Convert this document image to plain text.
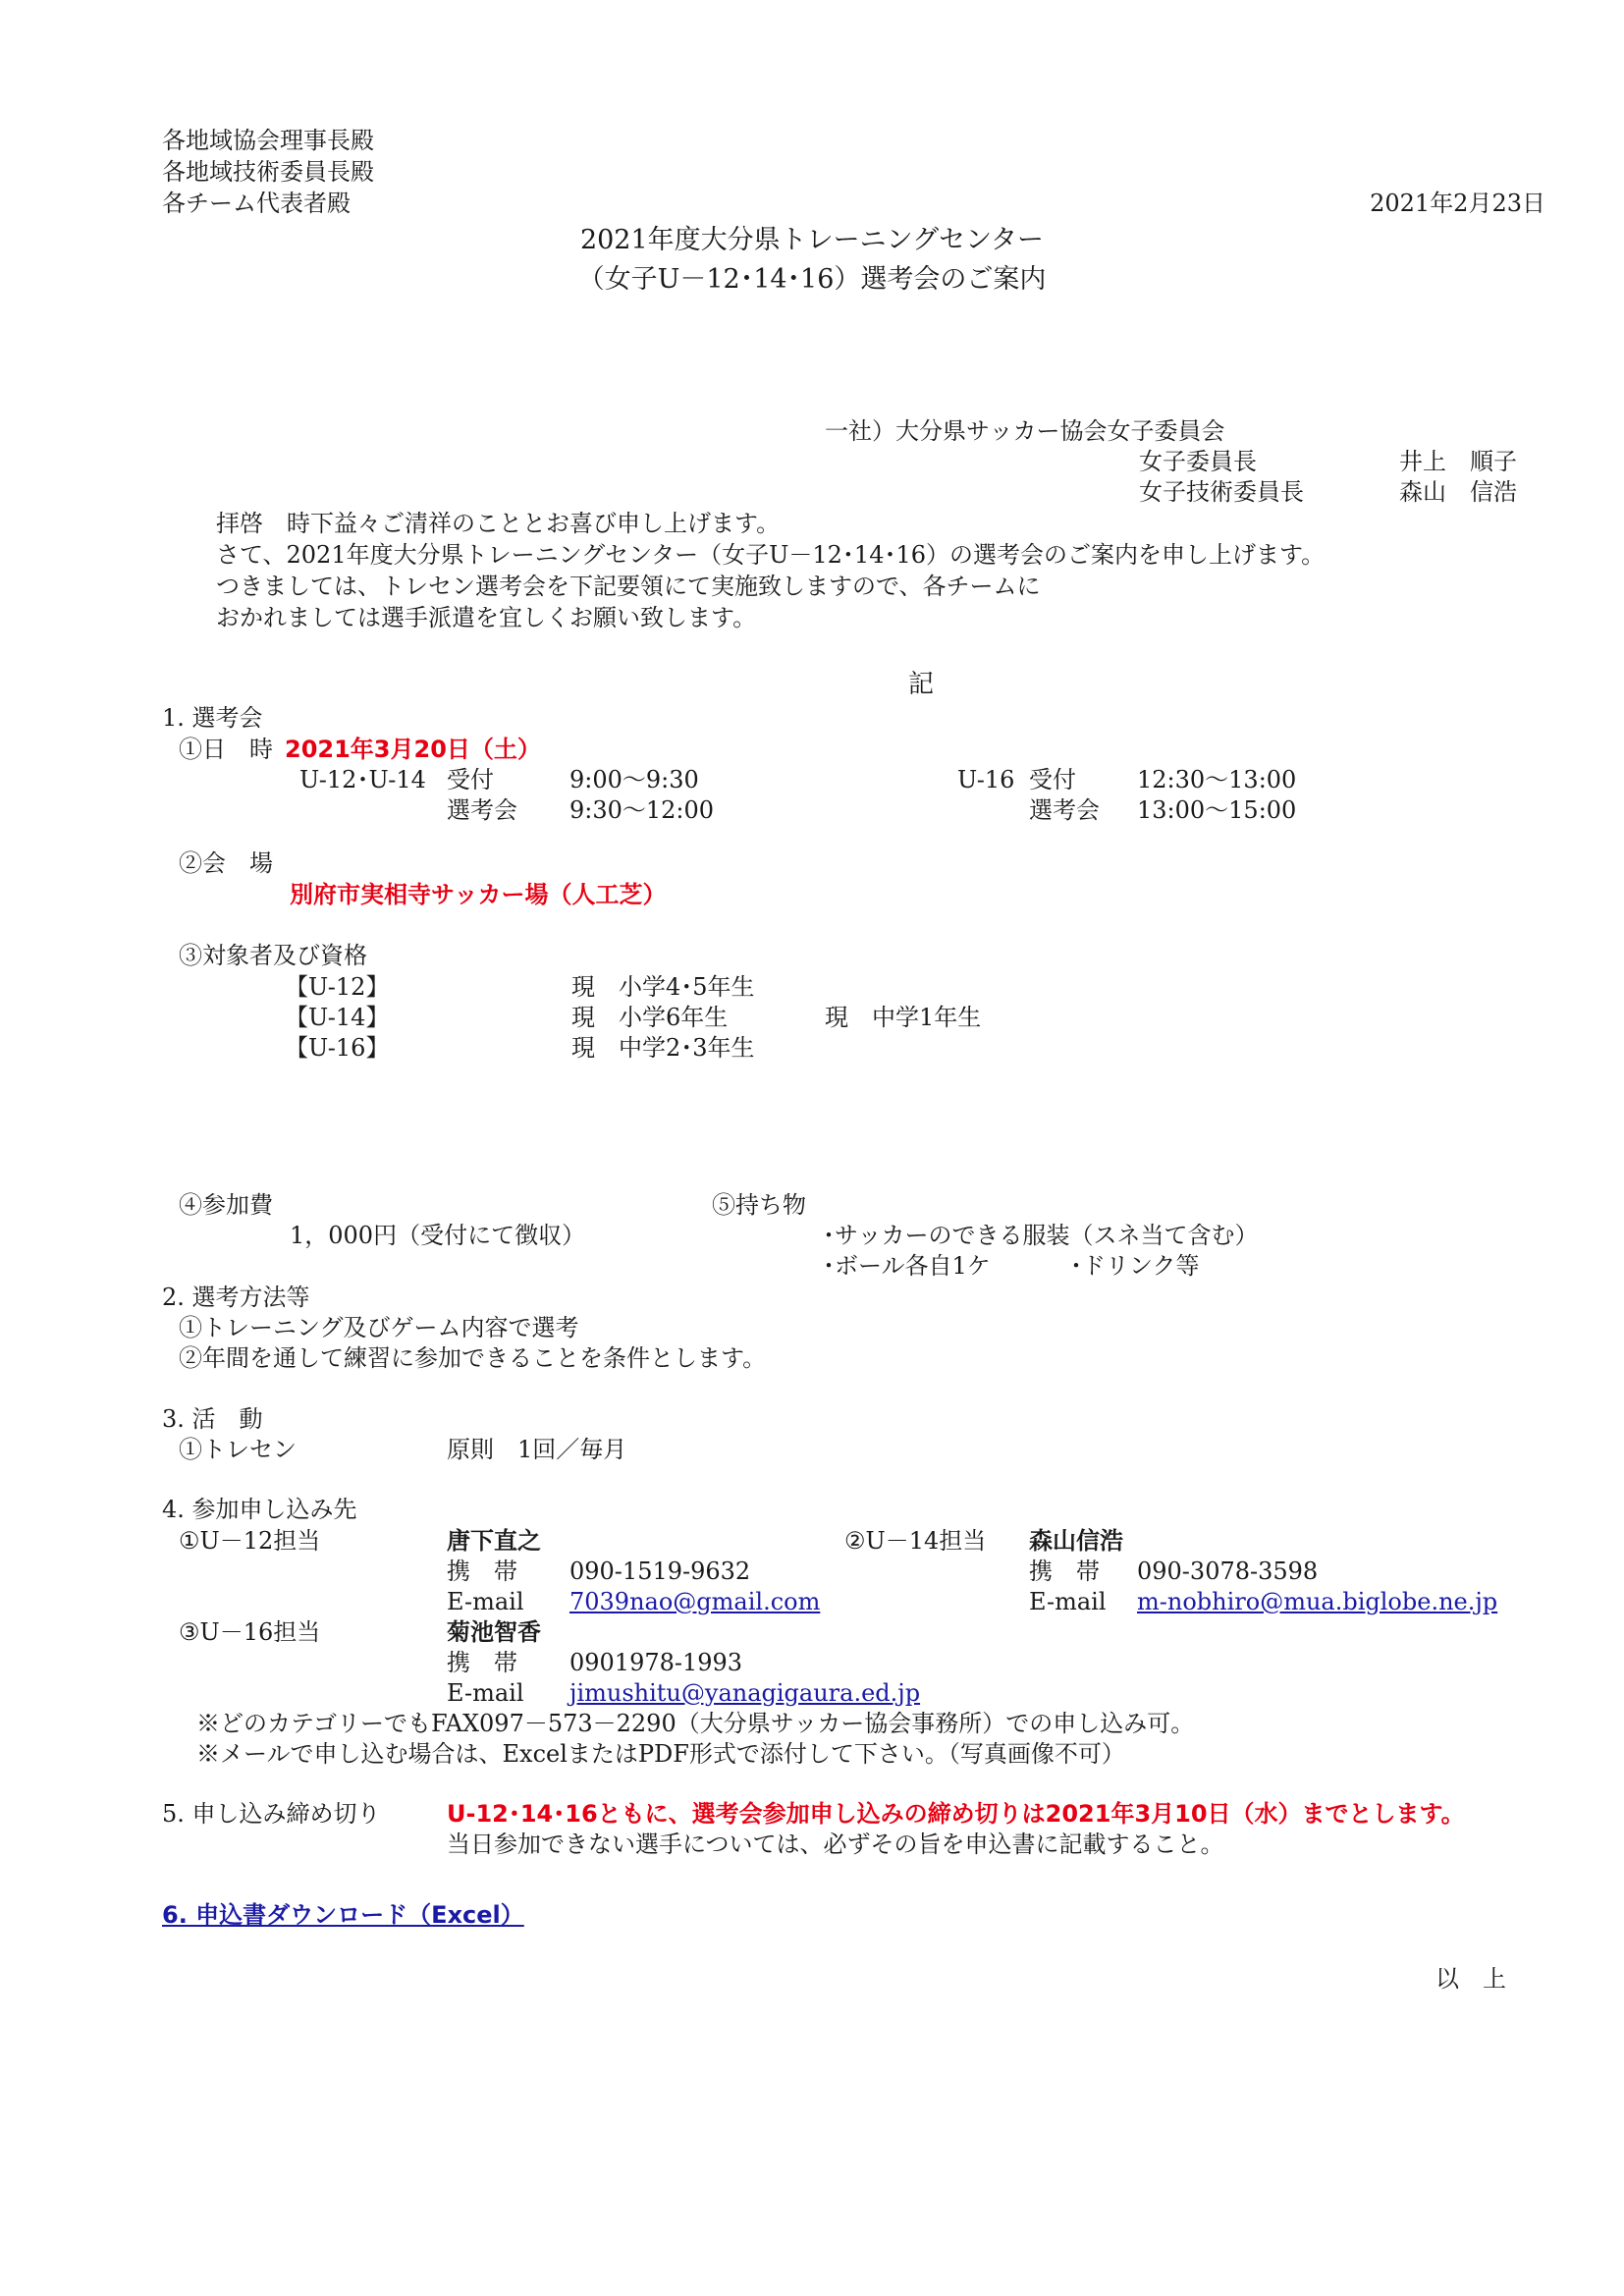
各地域協会理事長殿
各地域技術委員長殿
各チーム代表者殿	2021年2月23日
2021年度大分県トレーニングセンター
（女子U－12･14･16）選考会のご案内
一社）大分県サッカー協会女子委員会
女子委員長	井上　順子
女子技術委員長	森山　信浩
拝啓　時下益々ご清祥のこととお喜び申し上げます。
さて、2021年度大分県トレーニングセンター（女子U－12･14･16）の選考会のご案内を申し上げます。
つきましては、トレセン選考会を下記要領にて実施致しますので、各チームに
おかれましては選手派遣を宜しくお願い致します。
記
1. 選考会
①日　時 2021年3月20日（土）
U-12･U-14 受付	9:00～9:30
選考会 9:30～12:00
U-16 受付	12:30～13:00
選考会 13:00～15:00
②会　場
別府市実相寺サッカー場（人工芝）
③対象者及び資格
【U-12】	現　小学4･5年生
【U-14】	現　小学6年生	現　中学1年生
【U-16】	現　中学2･3年生
④参加費
1，000円（受付にて徴収）
⑤持ち物
･サッカーのできる服装（スネ当て含む）
･ボール各自1ケ	･ドリンク等
2. 選考方法等
①トレーニング及びゲーム内容で選考
②年間を通して練習に参加できることを条件とします。
3. 活　動
①トレセン	原則　1回／毎月
4. 参加申し込み先
①U－12担当	唐下直之
携　帯 090-1519-9632
E-mail 7039nao@gmail.com
②U－14担当 森山信浩
携　帯 090-3078-3598
E-mail m-nobhiro@mua.biglobe.ne.jp
③U－16担当	菊池智香
携　帯 0901978-1993
E-mail jimushitu@yanagigaura.ed.jp
※どのカテゴリーでもFAX097－573－2290（大分県サッカー協会事務所）での申し込み可。
※メールで申し込む場合は、ExcelまたはPDF形式で添付して下さい。（写真画像不可）
5. 申し込み締め切り	U-12･14･16ともに、選考会参加申し込みの締め切りは2021年3月10日（水）までとします。
当日参加できない選手については、必ずその旨を申込書に記載すること。
6. 申込書ダウンロード（Excel）
以　上
